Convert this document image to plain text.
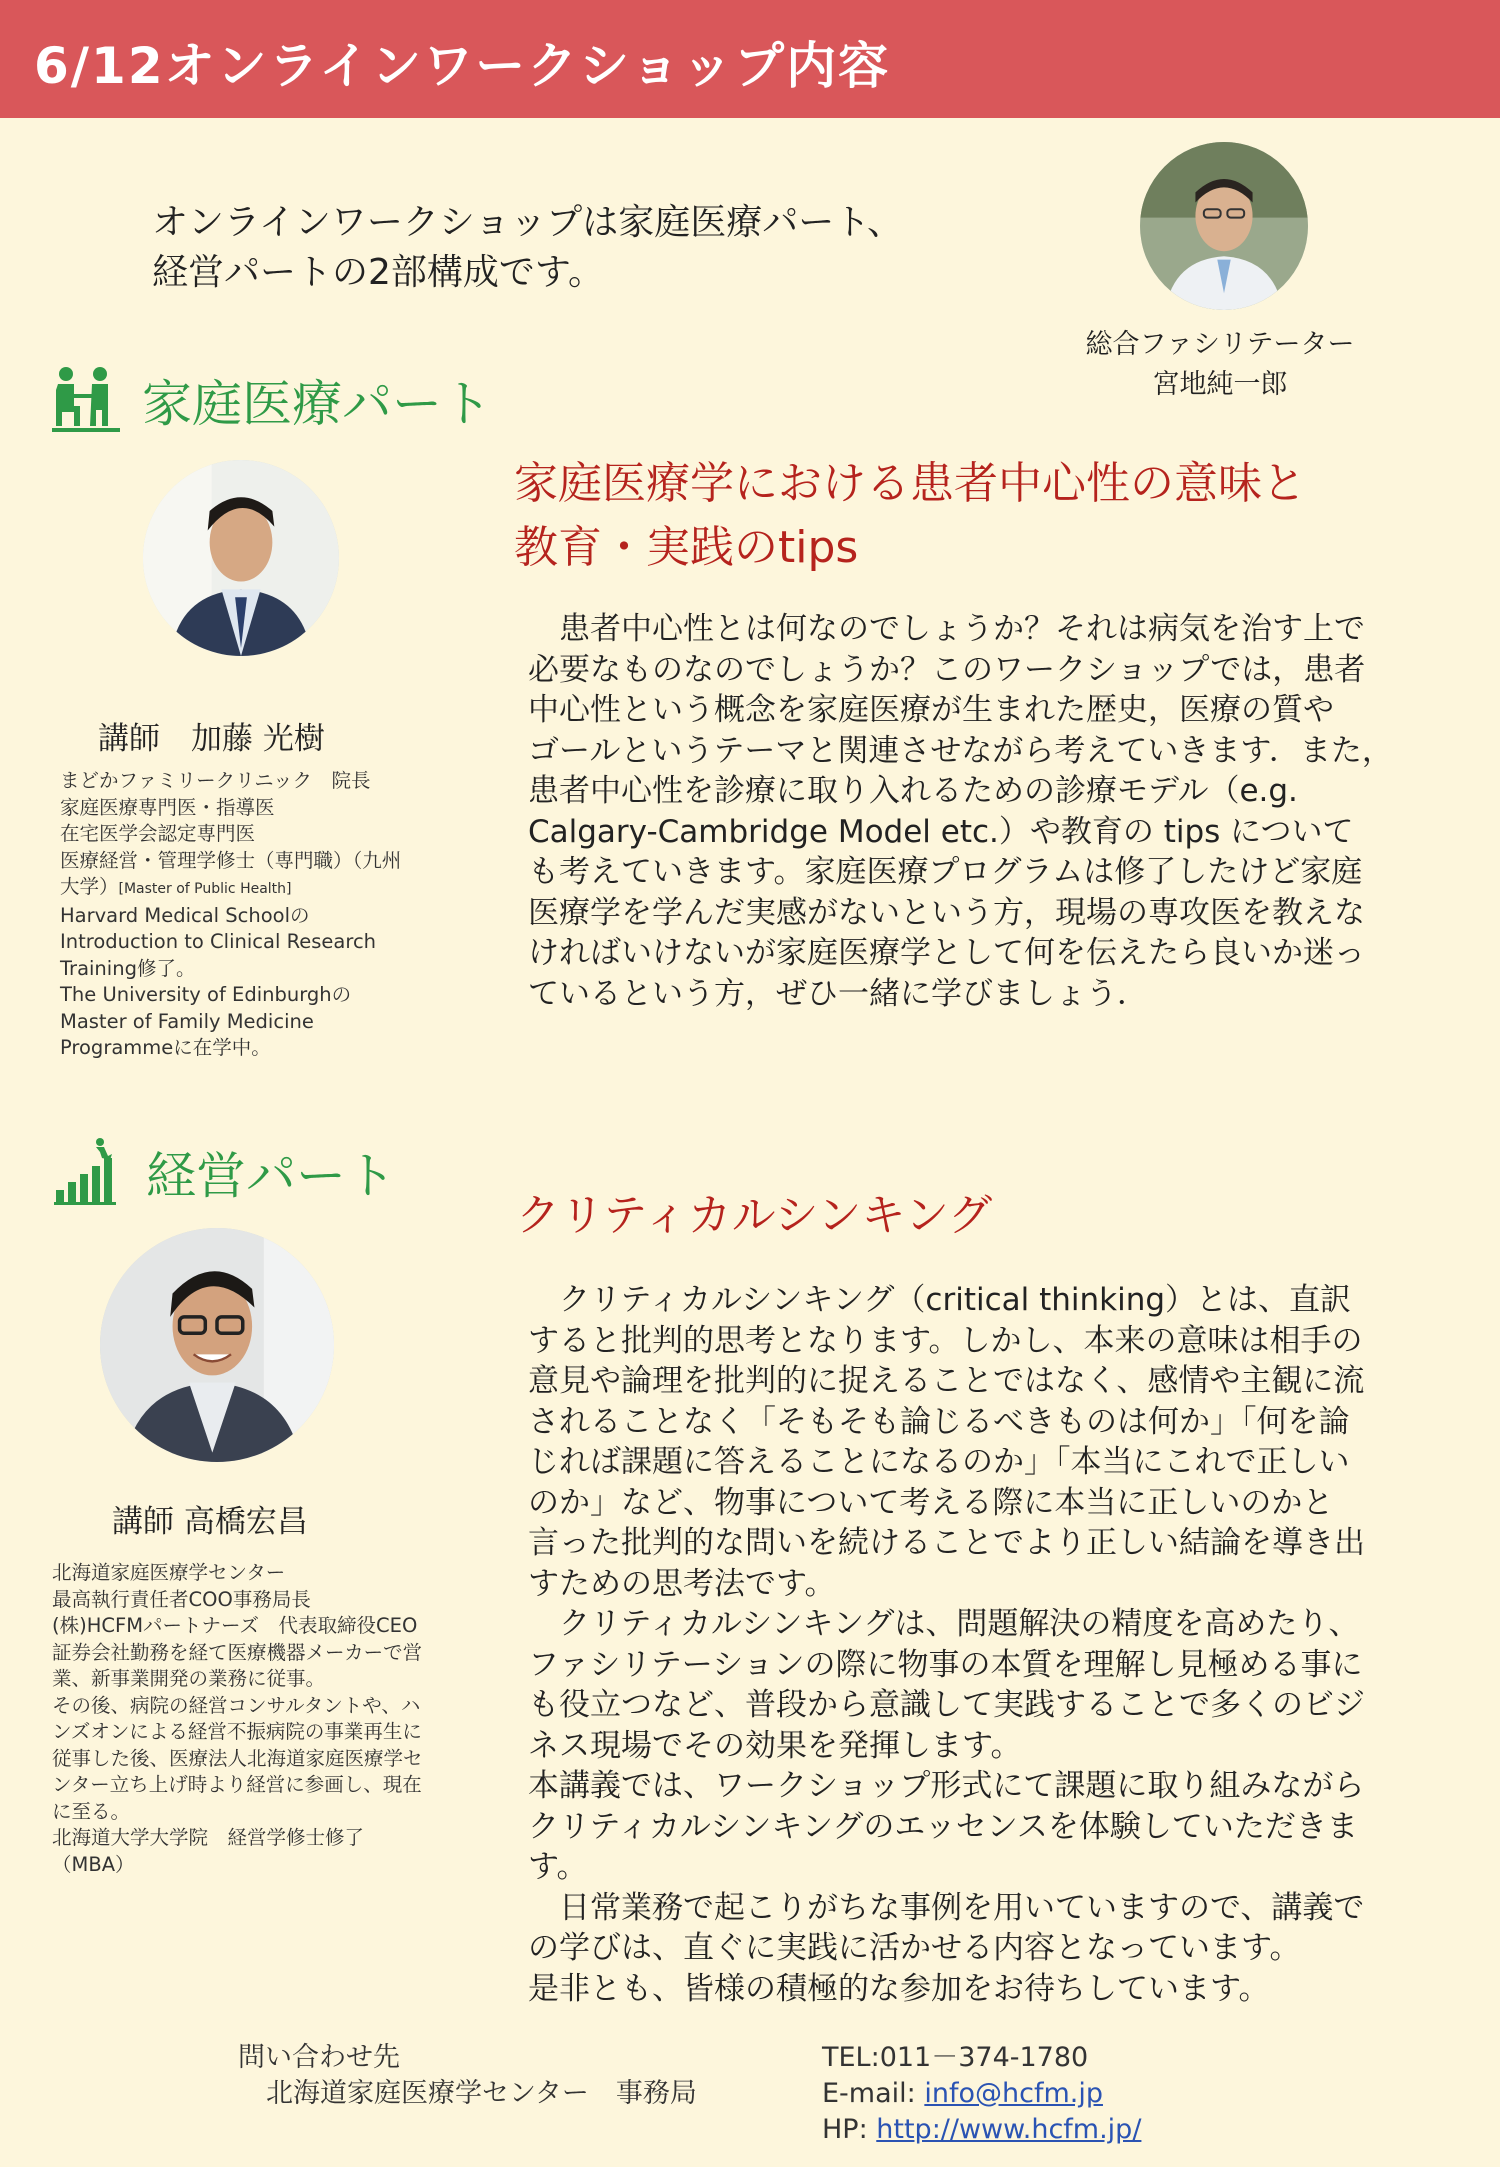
6/12オンラインワークショップ内容
オンラインワークショップは家庭医療パート、
経営パートの2部構成です。
総合ファシリテーター
宮地純一郎
家庭医療パート
講師　加藤 光樹
まどかファミリークリニック　院長
家庭医療専門医・指導医
在宅医学会認定専門医
医療経営・管理学修士（専門職）（九州
大学）[Master of Public Health]
Harvard Medical Schoolの
Introduction to Clinical Research
Training修了。
The University of Edinburghの
Master of Family Medicine
Programmeに在学中。
家庭医療学における患者中心性の意味と
教育・実践のtips
　患者中心性とは何なのでしょうか？それは病気を治す上で
必要なものなのでしょうか？このワークショップでは，患者
中心性という概念を家庭医療が生まれた歴史，医療の質や
ゴールというテーマと関連させながら考えていきます．また，
患者中心性を診療に取り入れるための診療モデル（e.g.
Calgary-Cambridge Model etc.）や教育の tips について
も考えていきます。家庭医療プログラムは修了したけど家庭
医療学を学んだ実感がないという方，現場の専攻医を教えな
ければいけないが家庭医療学として何を伝えたら良いか迷っ
ているという方，ぜひ一緒に学びましょう．
経営パート
講師 高橋宏昌
北海道家庭医療学センター
最高執行責任者COO事務局長
(株)HCFMパートナーズ　代表取締役CEO
証券会社勤務を経て医療機器メーカーで営
業、新事業開発の業務に従事。
その後、病院の経営コンサルタントや、ハ
ンズオンによる経営不振病院の事業再生に
従事した後、医療法人北海道家庭医療学セ
ンター立ち上げ時より経営に参画し、現在
に至る。
北海道大学大学院　経営学修士修了
（MBA）
クリティカルシンキング
　クリティカルシンキング（critical thinking）とは、直訳
すると批判的思考となります。しかし、本来の意味は相手の
意見や論理を批判的に捉えることではなく、感情や主観に流
されることなく「そもそも論じるべきものは何か」「何を論
じれば課題に答えることになるのか」「本当にこれで正しい
のか」など、物事について考える際に本当に正しいのかと
言った批判的な問いを続けることでより正しい結論を導き出
すための思考法です。
　クリティカルシンキングは、問題解決の精度を高めたり、
ファシリテーションの際に物事の本質を理解し見極める事に
も役立つなど、普段から意識して実践することで多くのビジ
ネス現場でその効果を発揮します。
本講義では、ワークショップ形式にて課題に取り組みながら
クリティカルシンキングのエッセンスを体験していただきま
す。
　日常業務で起こりがちな事例を用いていますので、講義で
の学びは、直ぐに実践に活かせる内容となっています。
是非とも、皆様の積極的な参加をお待ちしています。
問い合わせ先
北海道家庭医療学センター　事務局
TEL:011－374-1780
E-mail: info@hcfm.jp
HP: http://www.hcfm.jp/
